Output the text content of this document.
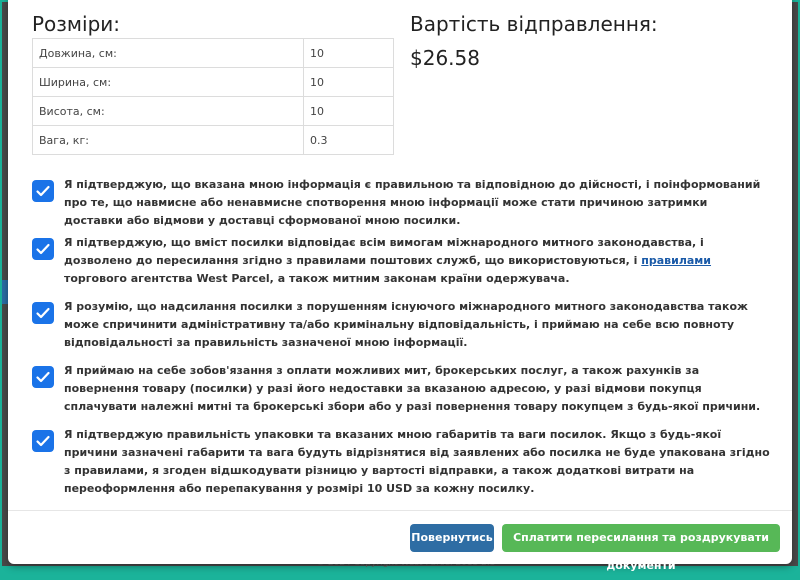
Розміри:
Довжина, см:	10
Ширина, см:	10
Висота, см:	10
Вага, кг:	0.3
Вартість відправлення:
$26.58
Я підтверджую, що вказана мною інформація є правильною та відповідною до дійсності, і поінформований про те, що навмисне або ненавмисне спотворення мною інформації може стати причиною затримки доставки або відмови у доставці сформованої мною посилки.
Я підтверджую, що вміст посилки відповідає всім вимогам міжнародного митного законодавства, і дозволено до пересилання згідно з правилами поштових служб, що використовуються, і правилами торгового агентства West Parcel, а також митним законам країни одержувача.
Я розумію, що надсилання посилки з порушенням існуючого міжнародного митного законодавства також може спричинити адміністративну та/або кримінальну відповідальність, і приймаю на себе всю повноту відповідальності за правильність зазначеної мною інформації.
Я приймаю на себе зобов'язання з оплати можливих мит, брокерських послуг, а також рахунків за повернення товару (посилки) у разі його недоставки за вказаною адресою, у разі відмови покупця сплачувати належні митні та брокерські збори або у разі повернення товару покупцем з будь-якої причини.
Я підтверджую правильність упаковки та вказаних мною габаритів та ваги посилок. Якщо з будь-якої причини зазначені габарити та вага будуть відрізнятися від заявлених або посилка не буде упакована згідно з правилами, я згоден відшкодувати різницю у вартості відправки, а також додаткові витрати на переоформлення або перепакування у розмірі 10 USD за кожну посилку.
Повернутись	Сплатити пересилання та роздрукувати документи
